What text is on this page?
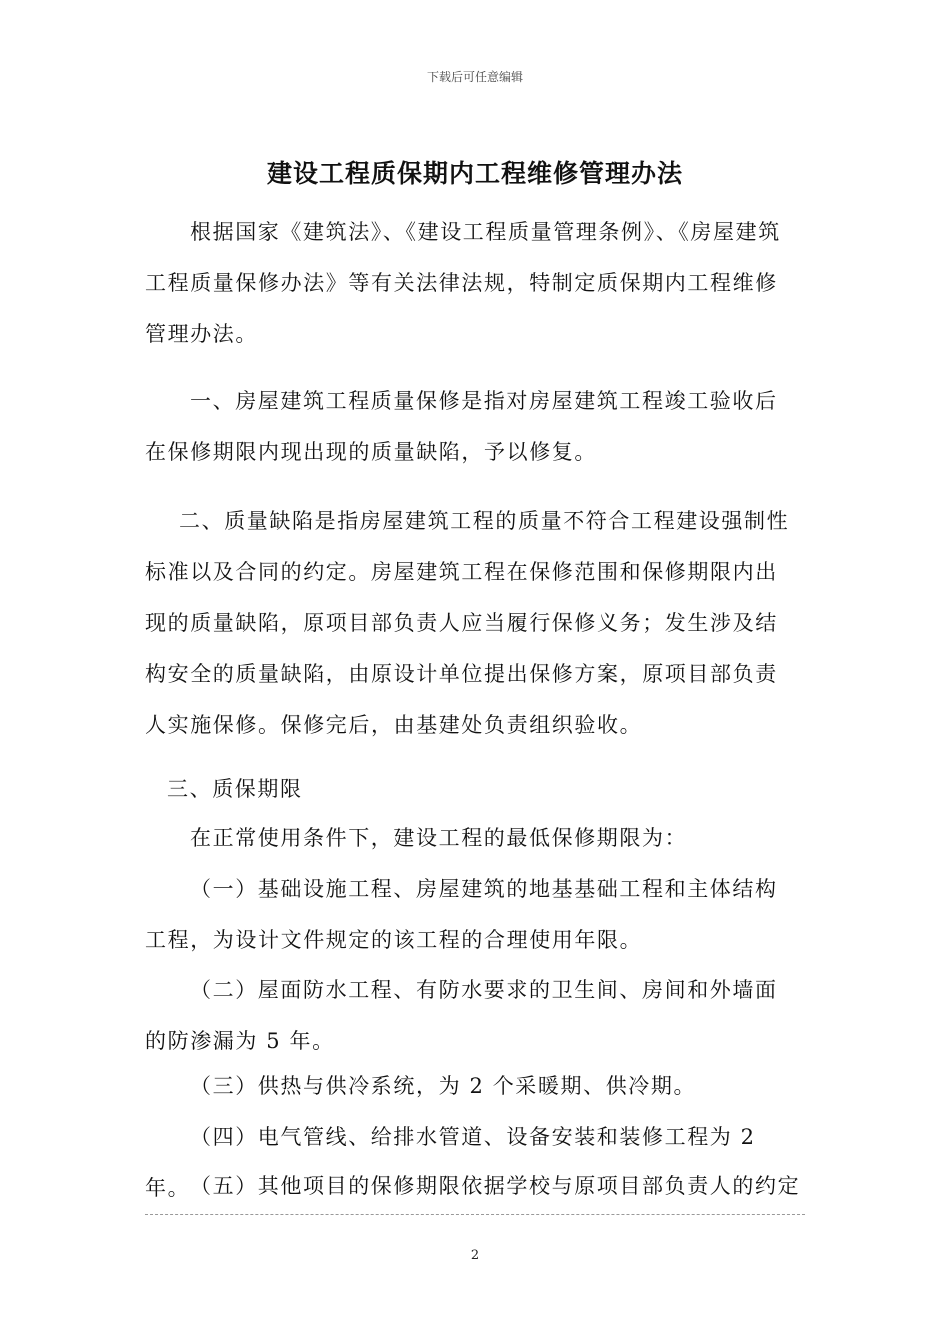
下载后可任意编辑
建设工程质保期内工程维修管理办法

根据国家《建筑法》、《建设工程质量管理条例》、《房屋建筑工程质量保修办法》等有关法律法规，特制定质保期内工程维修管理办法。

一、房屋建筑工程质量保修是指对房屋建筑工程竣工验收后在保修期限内现出现的质量缺陷，予以修复。

二、质量缺陷是指房屋建筑工程的质量不符合工程建设强制性标准以及合同的约定。房屋建筑工程在保修范围和保修期限内出现的质量缺陷，原项目部负责人应当履行保修义务；发生涉及结构安全的质量缺陷，由原设计单位提出保修方案，原项目部负责人实施保修。保修完后，由基建处负责组织验收。

三、质保期限

在正常使用条件下，建设工程的最低保修期限为：

（一）基础设施工程、房屋建筑的地基基础工程和主体结构工程，为设计文件规定的该工程的合理使用年限。

（二）屋面防水工程、有防水要求的卫生间、房间和外墙面的防渗漏为 5 年。

（三）供热与供冷系统，为 2 个采暖期、供冷期。

（四）电气管线、给排水管道、设备安装和装修工程为 2 年。 （五）其他项目的保修期限依据学校与原项目部负责人的约定

2
